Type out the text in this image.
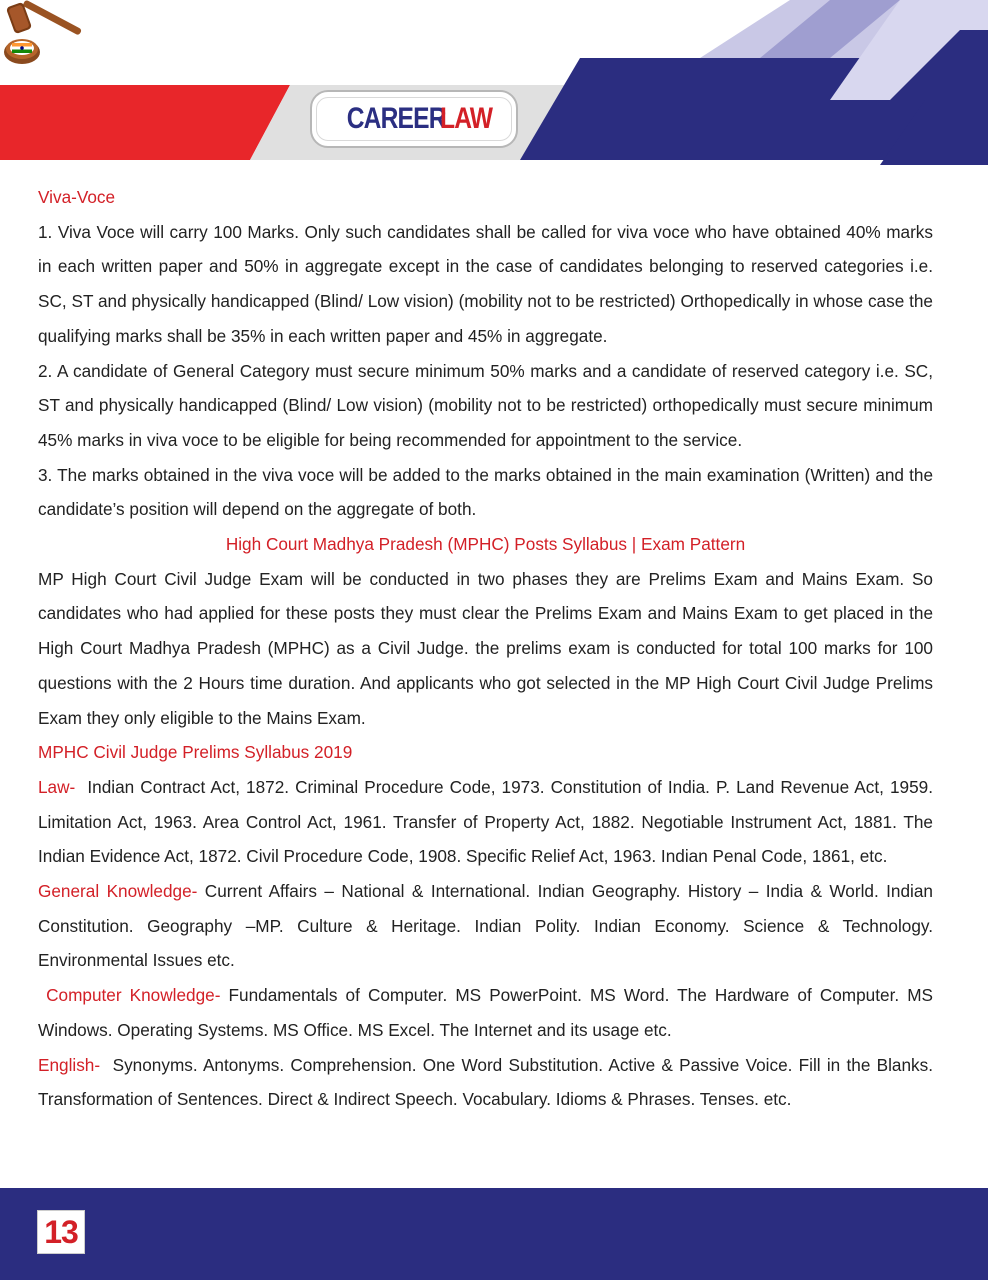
CAREER
LAW

Viva-Voce

1. Viva Voce will carry 100 Marks. Only such candidates shall be called for viva voce who have obtained 40% marks in each written paper and 50% in aggregate except in the case of candidates belonging to reserved categories i.e. SC, ST and physically handicapped (Blind/ Low vision) (mobility not to be restricted) Orthopedically in whose case the qualifying marks shall be 35% in each written paper and 45% in aggregate.

2. A candidate of General Category must secure minimum 50% marks and a candidate of reserved category i.e. SC, ST and physically handicapped (Blind/ Low vision) (mobility not to be restricted) orthopedically must secure minimum 45% marks in viva voce to be eligible for being recommended for appointment to the service.

3. The marks obtained in the viva voce will be added to the marks obtained in the main examination (Written) and the candidate’s position will depend on the aggregate of both.

High Court Madhya Pradesh (MPHC) Posts Syllabus | Exam Pattern

MP High Court Civil Judge Exam will be conducted in two phases they are Prelims Exam and Mains Exam. So candidates who had applied for these posts they must clear the Prelims Exam and Mains Exam to get placed in the High Court Madhya Pradesh (MPHC) as a Civil Judge. the prelims exam is conducted for total 100 marks for 100 questions with the 2 Hours time duration. And applicants who got selected in the MP High Court Civil Judge Prelims Exam they only eligible to the Mains Exam.

MPHC Civil Judge Prelims Syllabus 2019

Law- Indian Contract Act, 1872. Criminal Procedure Code, 1973. Constitution of India. P. Land Revenue Act, 1959. Limitation Act, 1963. Area Control Act, 1961. Transfer of Property Act, 1882. Negotiable Instrument Act, 1881. The Indian Evidence Act, 1872. Civil Procedure Code, 1908. Specific Relief Act, 1963. Indian Penal Code, 1861, etc.

General Knowledge- Current Affairs – National & International. Indian Geography. History – India & World. Indian Constitution. Geography –MP. Culture & Heritage. Indian Polity. Indian Economy. Science & Technology. Environmental Issues etc.

Computer Knowledge- Fundamentals of Computer. MS PowerPoint. MS Word. The Hardware of Computer. MS Windows. Operating Systems. MS Office. MS Excel. The Internet and its usage etc.

English- Synonyms. Antonyms. Comprehension. One Word Substitution. Active & Passive Voice. Fill in the Blanks. Transformation of Sentences. Direct & Indirect Speech. Vocabulary. Idioms & Phrases. Tenses. etc.

13
